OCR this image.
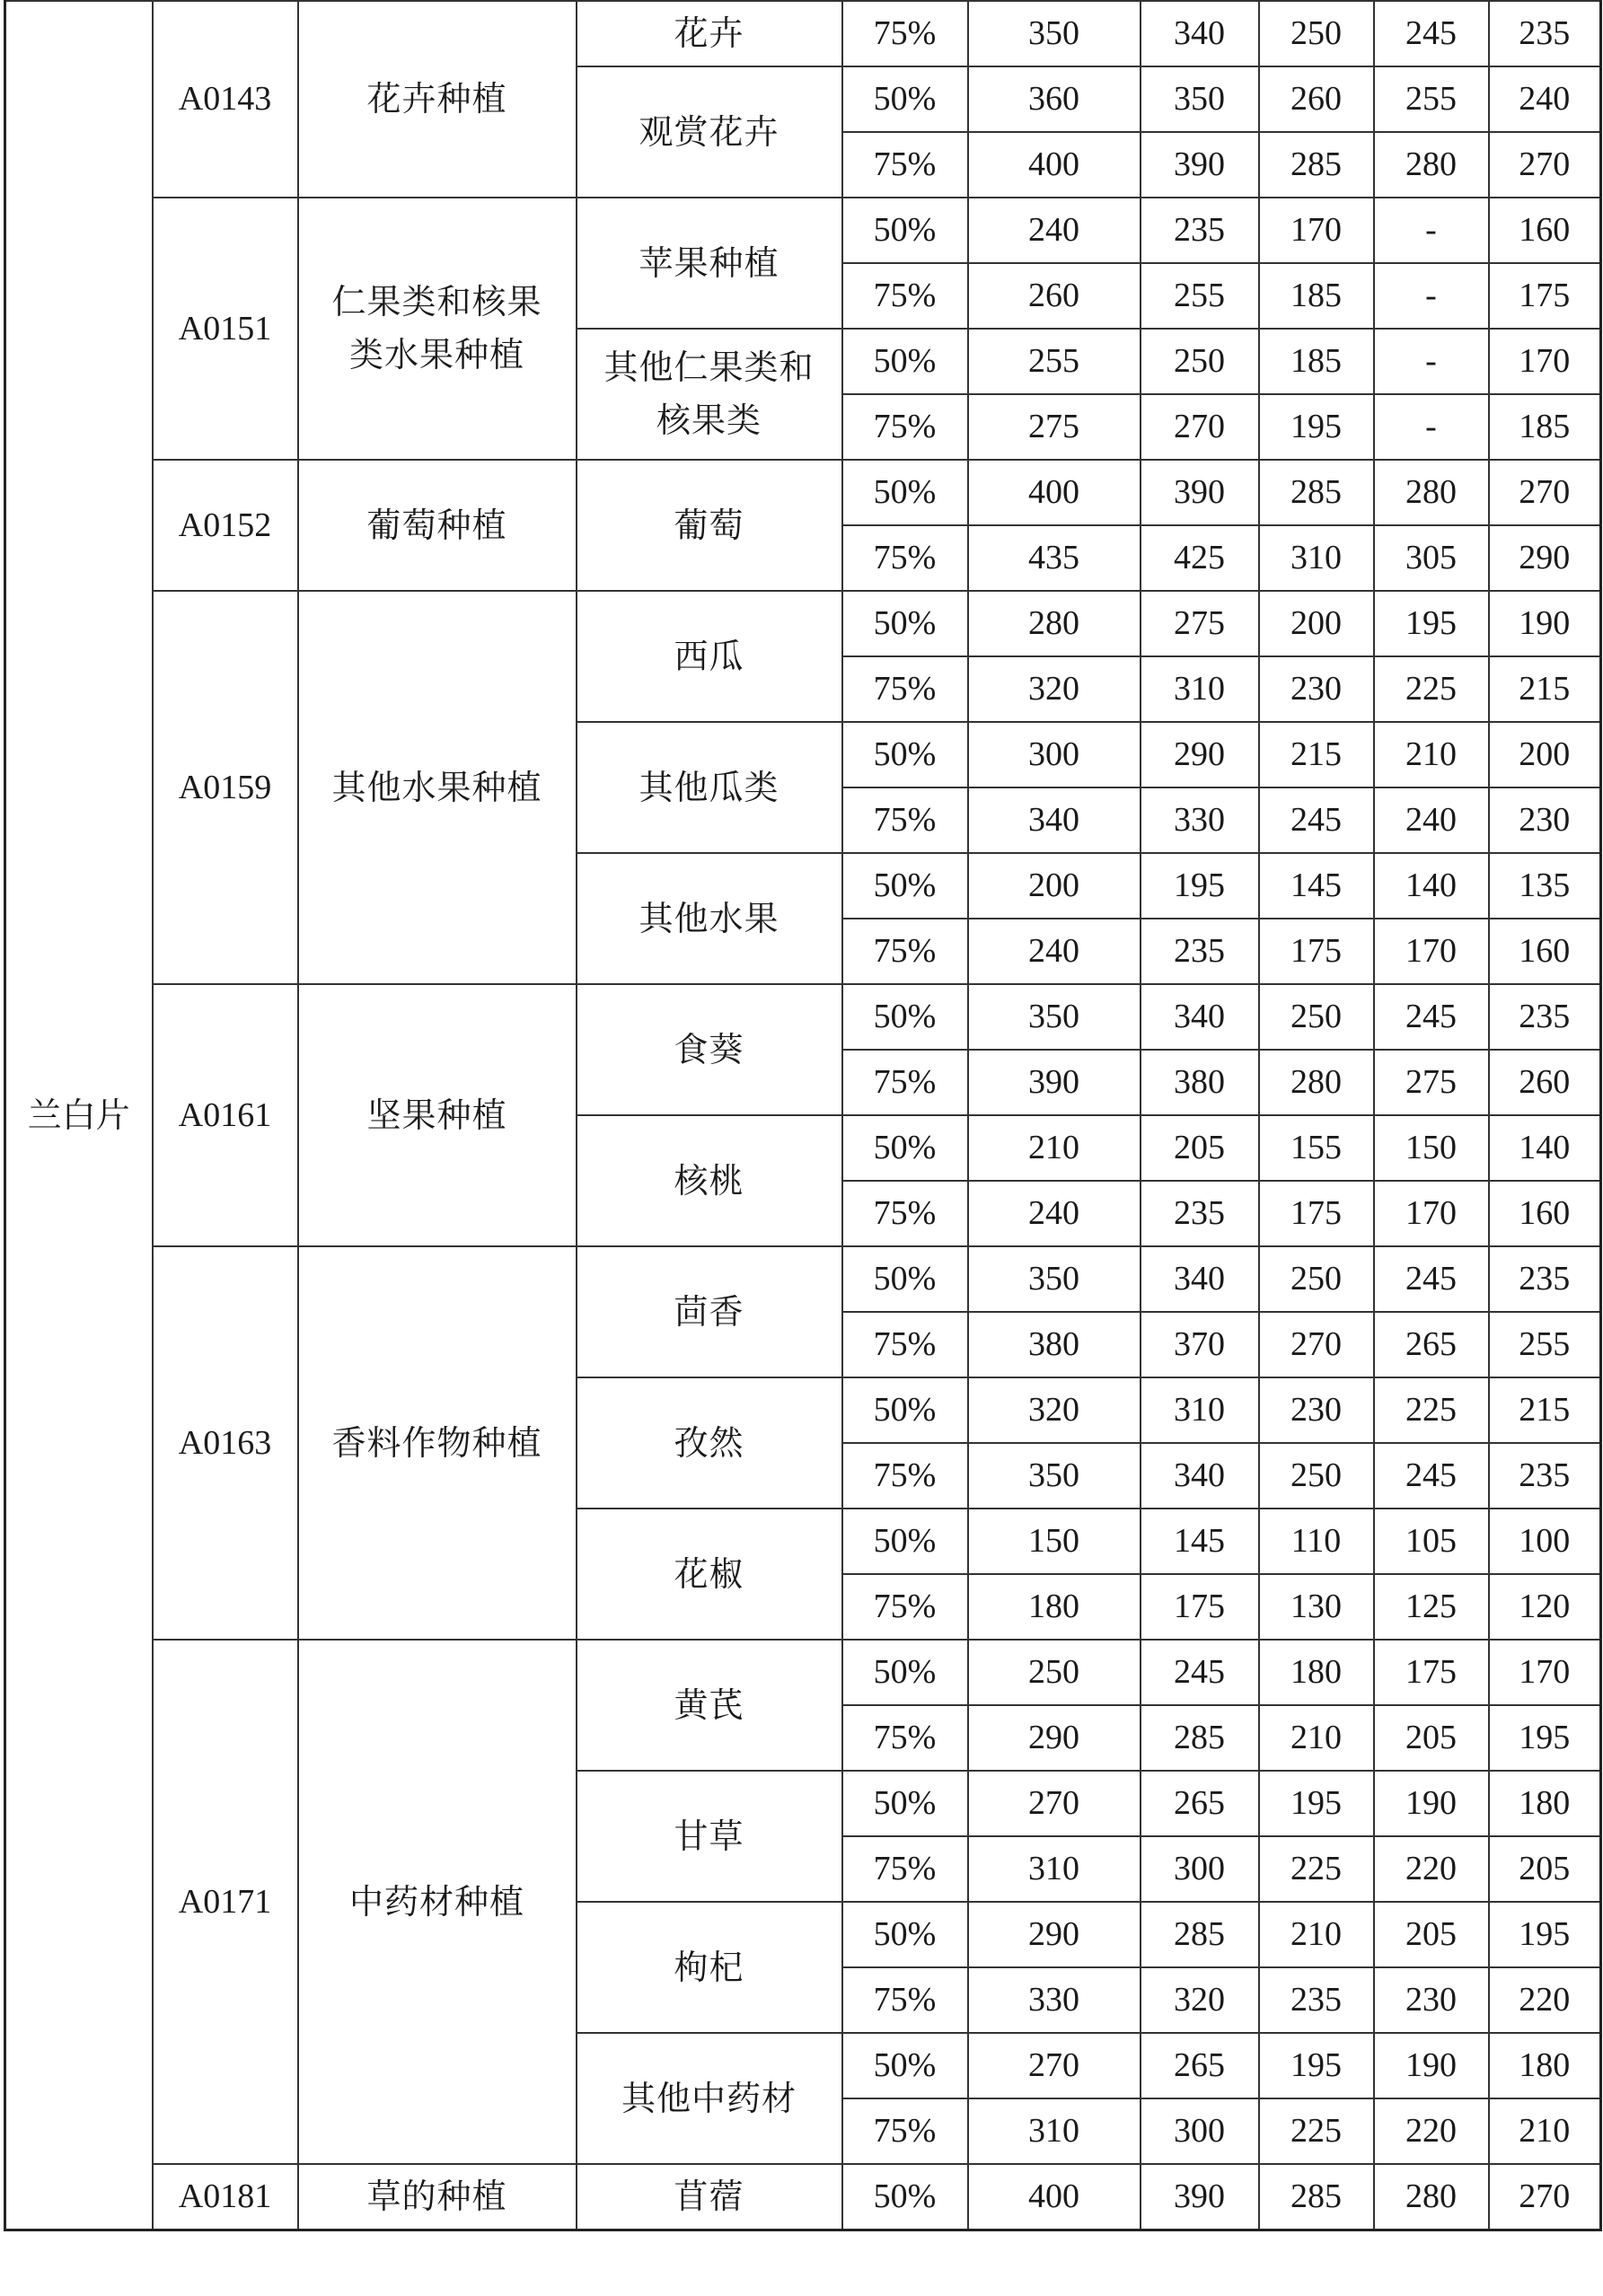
兰白片	A0143	花卉种植	花卉	75%	350	340	250	245	235
			观赏花卉	50%	360	350	260	255	240
				75%	400	390	285	280	270
	A0151	仁果类和核果类水果种植	苹果种植	50%	240	235	170	-	160
				75%	260	255	185	-	175
			其他仁果类和核果类	50%	255	250	185	-	170
				75%	275	270	195	-	185
	A0152	葡萄种植	葡萄	50%	400	390	285	280	270
				75%	435	425	310	305	290
	A0159	其他水果种植	西瓜	50%	280	275	200	195	190
				75%	320	310	230	225	215
			其他瓜类	50%	300	290	215	210	200
				75%	340	330	245	240	230
			其他水果	50%	200	195	145	140	135
				75%	240	235	175	170	160
	A0161	坚果种植	食葵	50%	350	340	250	245	235
				75%	390	380	280	275	260
			核桃	50%	210	205	155	150	140
				75%	240	235	175	170	160
	A0163	香料作物种植	茴香	50%	350	340	250	245	235
				75%	380	370	270	265	255
			孜然	50%	320	310	230	225	215
				75%	350	340	250	245	235
			花椒	50%	150	145	110	105	100
				75%	180	175	130	125	120
	A0171	中药材种植	黄芪	50%	250	245	180	175	170
				75%	290	285	210	205	195
			甘草	50%	270	265	195	190	180
				75%	310	300	225	220	205
			枸杞	50%	290	285	210	205	195
				75%	330	320	235	230	220
			其他中药材	50%	270	265	195	190	180
				75%	310	300	225	220	210
	A0181	草的种植	苜蓿	50%	400	390	285	280	270
